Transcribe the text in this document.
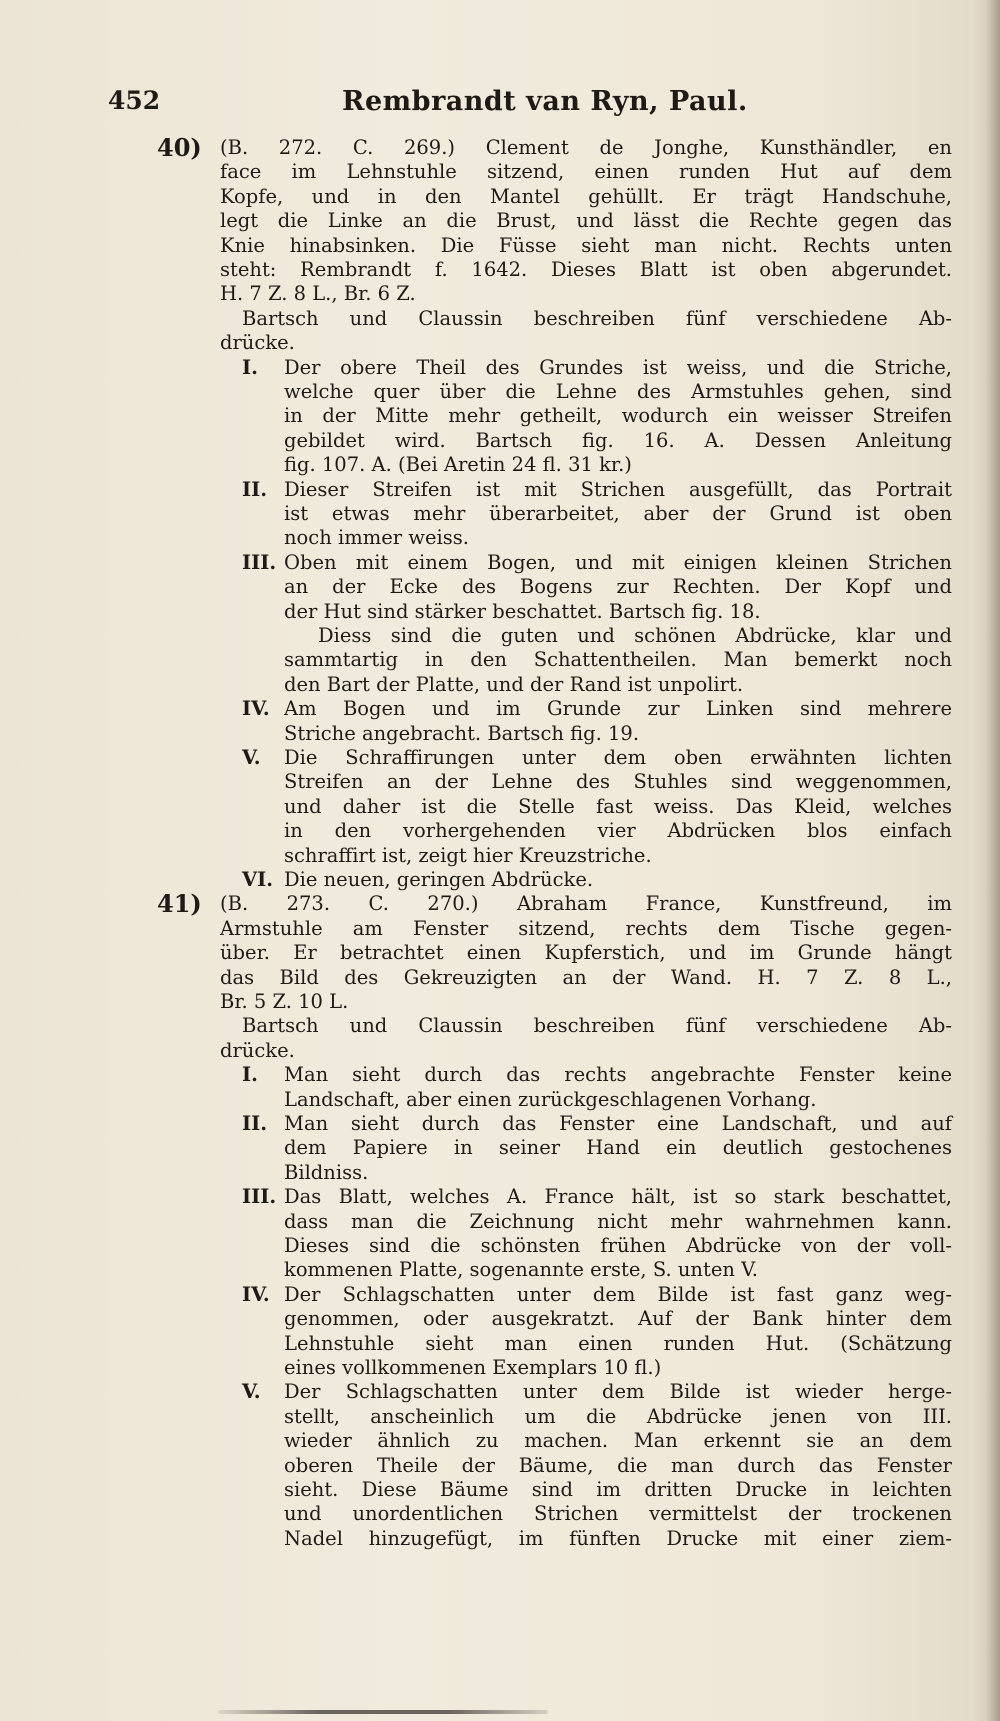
452	Rembrandt van Ryn, Paul.
40) (B. 272. C. 269.) Clement de Jonghe, Kunsthändler, en
face im Lehnstuhle sitzend, einen runden Hut auf dem
Kopfe, und in den Mantel gehüllt. Er trägt Handschuhe,
legt die Linke an die Brust, und lässt die Rechte gegen das
Knie hinabsinken. Die Füsse sieht man nicht. Rechts unten
steht: Rembrandt f. 1642. Dieses Blatt ist oben abgerundet.
H. 7 Z. 8 L., Br. 6 Z.
Bartsch und Claussin beschreiben fünf verschiedene Ab-
drücke.
I. Der obere Theil des Grundes ist weiss, und die Striche,
welche quer über die Lehne des Armstuhles gehen, sind
in der Mitte mehr getheilt, wodurch ein weisser Streifen
gebildet wird. Bartsch fig. 16. A. Dessen Anleitung
fig. 107. A. (Bei Aretin 24 fl. 31 kr.)
II. Dieser Streifen ist mit Strichen ausgefüllt, das Portrait
ist etwas mehr überarbeitet, aber der Grund ist oben
noch immer weiss.
III. Oben mit einem Bogen, und mit einigen kleinen Strichen
an der Ecke des Bogens zur Rechten. Der Kopf und
der Hut sind stärker beschattet. Bartsch fig. 18.
Diess sind die guten und schönen Abdrücke, klar und
sammtartig in den Schattentheilen. Man bemerkt noch
den Bart der Platte, und der Rand ist unpolirt.
IV. Am Bogen und im Grunde zur Linken sind mehrere
Striche angebracht. Bartsch fig. 19.
V. Die Schraffirungen unter dem oben erwähnten lichten
Streifen an der Lehne des Stuhles sind weggenommen,
und daher ist die Stelle fast weiss. Das Kleid, welches
in den vorhergehenden vier Abdrücken blos einfach
schraffirt ist, zeigt hier Kreuzstriche.
VI. Die neuen, geringen Abdrücke.
41) (B. 273. C. 270.) Abraham France, Kunstfreund, im
Armstuhle am Fenster sitzend, rechts dem Tische gegen-
über. Er betrachtet einen Kupferstich, und im Grunde hängt
das Bild des Gekreuzigten an der Wand. H. 7 Z. 8 L.,
Br. 5 Z. 10 L.
Bartsch und Claussin beschreiben fünf verschiedene Ab-
drücke.
I. Man sieht durch das rechts angebrachte Fenster keine
Landschaft, aber einen zurückgeschlagenen Vorhang.
II. Man sieht durch das Fenster eine Landschaft, und auf
dem Papiere in seiner Hand ein deutlich gestochenes
Bildniss.
III. Das Blatt, welches A. France hält, ist so stark beschattet,
dass man die Zeichnung nicht mehr wahrnehmen kann.
Dieses sind die schönsten frühen Abdrücke von der voll-
kommenen Platte, sogenannte erste, S. unten V.
IV. Der Schlagschatten unter dem Bilde ist fast ganz weg-
genommen, oder ausgekratzt. Auf der Bank hinter dem
Lehnstuhle sieht man einen runden Hut. (Schätzung
eines vollkommenen Exemplars 10 fl.)
V. Der Schlagschatten unter dem Bilde ist wieder herge-
stellt, anscheinlich um die Abdrücke jenen von III.
wieder ähnlich zu machen. Man erkennt sie an dem
oberen Theile der Bäume, die man durch das Fenster
sieht. Diese Bäume sind im dritten Drucke in leichten
und unordentlichen Strichen vermittelst der trockenen
Nadel hinzugefügt, im fünften Drucke mit einer ziem-
